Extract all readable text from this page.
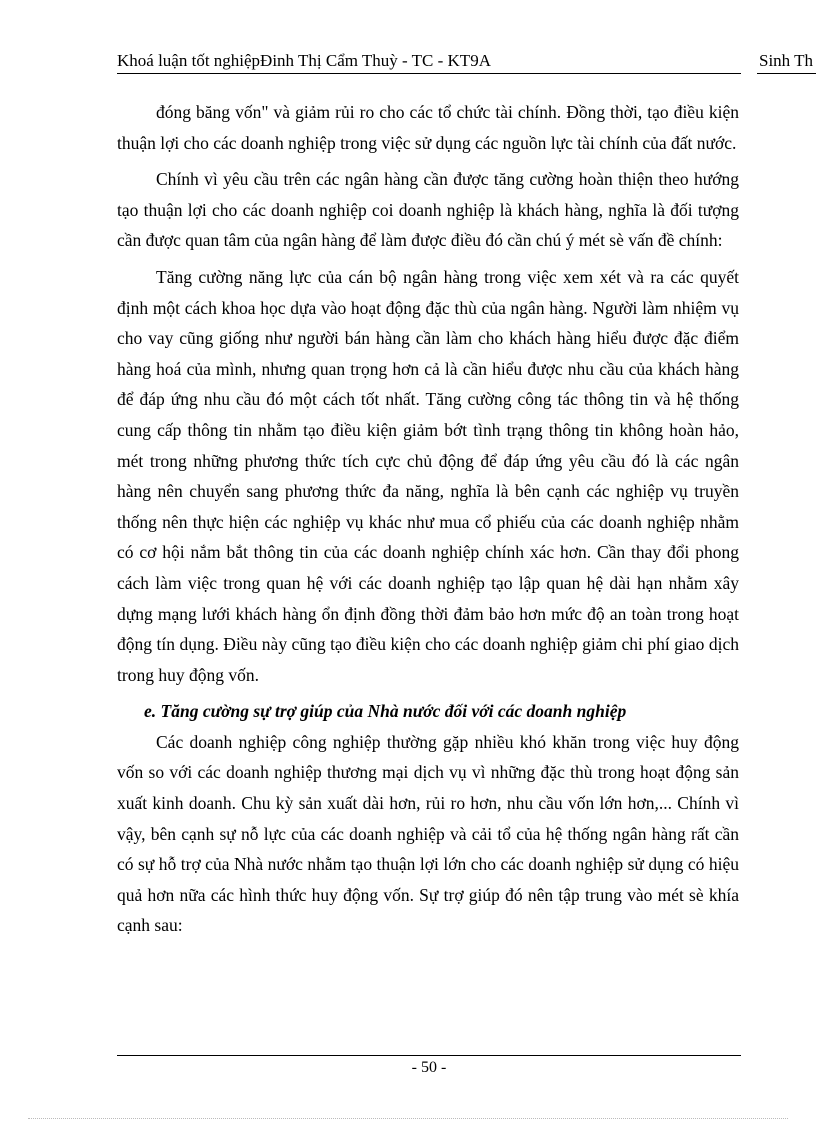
Khoá luận tốt nghiệpĐinh Thị Cẩm Thuỳ - TC - KT9A	Sinh Th

đóng băng vốn" và giảm rủi ro cho các tổ chức tài chính. Đồng thời, tạo điều kiện thuận lợi cho các doanh nghiệp trong việc sử dụng các nguồn lực tài chính của đất nước.

Chính vì yêu cầu trên các ngân hàng cần được tăng cường hoàn thiện theo hướng tạo thuận lợi cho các doanh nghiệp coi doanh nghiệp là khách hàng, nghĩa là đối tượng cần được quan tâm của ngân hàng để làm được điều đó cần chú ý mét sè vấn đề chính:

Tăng cường năng lực của cán bộ ngân hàng trong việc xem xét và ra các quyết định một cách khoa học dựa vào hoạt động đặc thù của ngân hàng. Người làm nhiệm vụ cho vay cũng giống như người bán hàng cần làm cho khách hàng hiểu được đặc điểm hàng hoá của mình, nhưng quan trọng hơn cả là cần hiểu được nhu cầu của khách hàng để đáp ứng nhu cầu đó một cách tốt nhất. Tăng cường công tác thông tin và hệ thống cung cấp thông tin nhằm tạo điều kiện giảm bớt tình trạng thông tin không hoàn hảo, mét trong những phương thức tích cực chủ động để đáp ứng yêu cầu đó là các ngân hàng nên chuyển sang phương thức đa năng, nghĩa là bên cạnh các nghiệp vụ truyền thống nên thực hiện các nghiệp vụ khác như mua cổ phiếu của các doanh nghiệp nhằm có cơ hội nắm bắt thông tin của các doanh nghiệp chính xác hơn. Cần thay đổi phong cách làm việc trong quan hệ với các doanh nghiệp tạo lập quan hệ dài hạn nhằm xây dựng mạng lưới khách hàng ổn định đồng thời đảm bảo hơn mức độ an toàn trong hoạt động tín dụng. Điều này cũng tạo điều kiện cho các doanh nghiệp giảm chi phí giao dịch trong huy động vốn.

e. Tăng cường sự trợ giúp của Nhà nước đối với các doanh nghiệp

Các doanh nghiệp công nghiệp thường gặp nhiều khó khăn trong việc huy động vốn so với các doanh nghiệp thương mại dịch vụ vì những đặc thù trong hoạt động sản xuất kinh doanh. Chu kỳ sản xuất dài hơn, rủi ro hơn, nhu cầu vốn lớn hơn,... Chính vì vậy, bên cạnh sự nỗ lực của các doanh nghiệp và cải tổ của hệ thống ngân hàng rất cần có sự hỗ trợ của Nhà nước nhằm tạo thuận lợi lớn cho các doanh nghiệp sử dụng có hiệu quả hơn nữa các hình thức huy động vốn. Sự trợ giúp đó nên tập trung vào mét sè khía cạnh sau:

- 50 -
